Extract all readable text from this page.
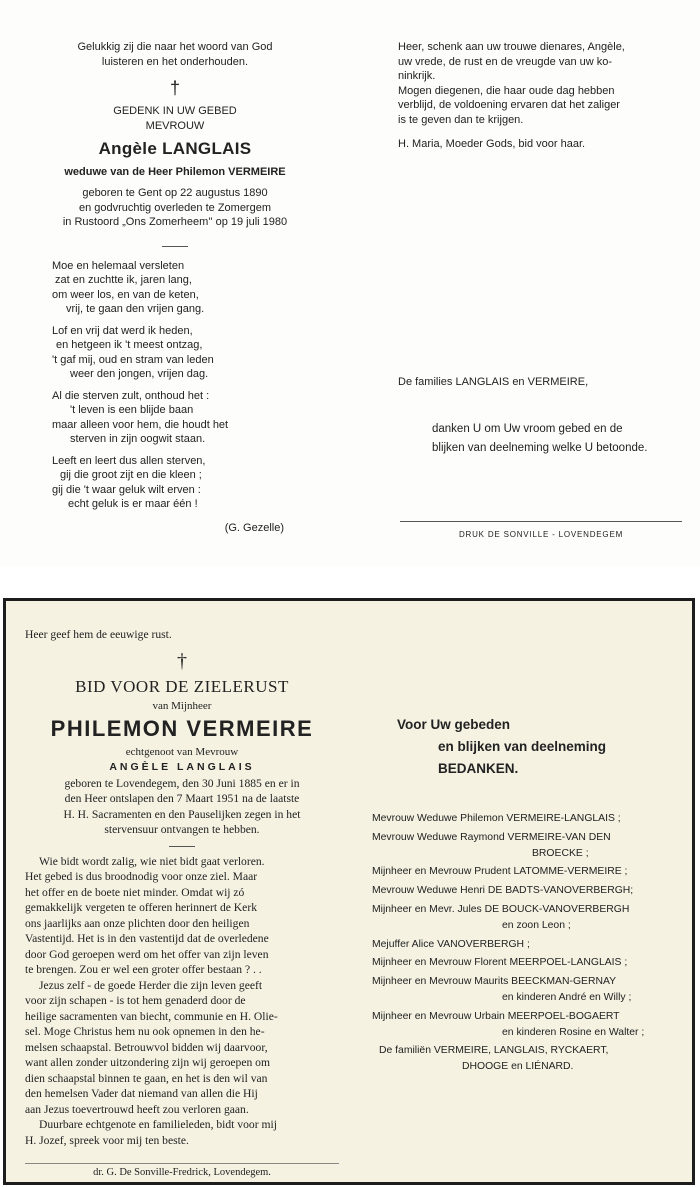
Gelukkig zij die naar het woord van God

luisteren en het onderhouden.

†

GEDENK IN UW GEBED

MEVROUW

Angèle LANGLAIS
weduwe van de Heer Philemon VERMEIRE

geboren te Gent op 22 augustus 1890

en godvruchtig overleden te Zomergem

in Rustoord „Ons Zomerheem'' op 19 juli 1980

Moe en helemaal versleten

zat en zuchtte ik, jaren lang,

om weer los, en van de keten,

vrij, te gaan den vrijen gang.

Lof en vrij dat werd ik heden,

en hetgeen ik 't meest ontzag,

't gaf mij, oud en stram van leden

weer den jongen, vrijen dag.

Al die sterven zult, onthoud het :

't leven is een blijde baan

maar alleen voor hem, die houdt het

sterven in zijn oogwit staan.

Leeft en leert dus allen sterven,

gij die groot zijt en die kleen ;

gij die 't waar geluk wilt erven :

echt geluk is er maar één !

(G. Gezelle)

Heer, schenk aan uw trouwe dienares, Angèle,

uw vrede, de rust en de vreugde van uw ko-

ninkrijk.

Mogen diegenen, die haar oude dag hebben

verblijd, de voldoening ervaren dat het zaliger

is te geven dan te krijgen.

H. Maria, Moeder Gods, bid voor haar.

De families LANGLAIS en VERMEIRE,

danken U om Uw vroom gebed en de

blijken van deelneming welke U betoonde.

DRUK DE SONVILLE - LOVENDEGEM
Heer geef hem de eeuwige rust.
†
BID VOOR DE ZIELERUST
van Mijnheer
PHILEMON VERMEIRE
echtgenoot van Mevrouw
ANGÈLE LANGLAIS

geboren te Lovendegem, den 30 Juni 1885 en er in

den Heer ontslapen den 7 Maart 1951 na de laatste

H. H. Sacramenten en den Pauselijken zegen in het

stervensuur ontvangen te hebben.

Wie bidt wordt zalig, wie niet bidt gaat verloren.

Het gebed is dus broodnodig voor onze ziel. Maar

het offer en de boete niet minder. Omdat wij zó

gemakkelijk vergeten te offeren herinnert de Kerk

ons jaarlijks aan onze plichten door den heiligen

Vastentijd. Het is in den vastentijd dat de overledene

door God geroepen werd om het offer van zijn leven

te brengen. Zou er wel een groter offer bestaan ? . .

Jezus zelf - de goede Herder die zijn leven geeft

voor zijn schapen - is tot hem genaderd door de

heilige sacramenten van biecht, communie en H. Olie-

sel. Moge Christus hem nu ook opnemen in den he-

melsen schaapstal. Betrouwvol bidden wij daarvoor,

want allen zonder uitzondering zijn wij geroepen om

dien schaapstal binnen te gaan, en het is den wil van

den hemelsen Vader dat niemand van allen die Hij

aan Jezus toevertrouwd heeft zou verloren gaan.

Duurbare echtgenote en familieleden, bidt voor mij

H. Jozef, spreek voor mij ten beste.

dr. G. De Sonville-Fredrick, Lovendegem.
Voor Uw gebeden
en blijken van deelneming
BEDANKEN.

Mevrouw Weduwe Philemon VERMEIRE-LANGLAIS ;

Mevrouw Weduwe Raymond VERMEIRE-VAN DEN

BROECKE ;

Mijnheer en Mevrouw Prudent LATOMME-VERMEIRE ;

Mevrouw Weduwe Henri DE BADTS-VANOVERBERGH;

Mijnheer en Mevr. Jules DE BOUCK-VANOVERBERGH

en zoon Leon ;

Mejuffer Alice VANOVERBERGH ;

Mijnheer en Mevrouw Florent MEERPOEL-LANGLAIS ;

Mijnheer en Mevrouw Maurits BEECKMAN-GERNAY

en kinderen André en Willy ;

Mijnheer en Mevrouw Urbain MEERPOEL-BOGAERT

en kinderen Rosine en Walter ;

De familiën VERMEIRE, LANGLAIS, RYCKAERT,

DHOOGE en LIÉNARD.
